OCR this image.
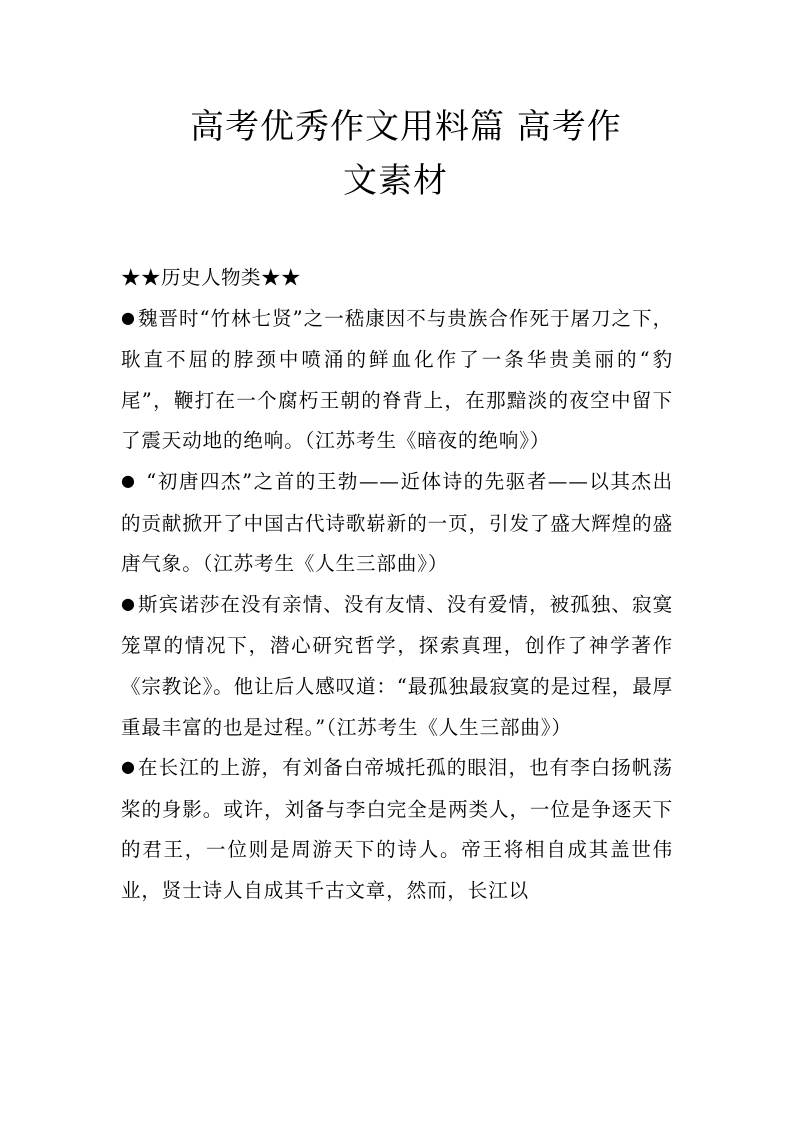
高考优秀作文用料篇 高考作
文素材

★★历史人物类★★

● 魏晋时“竹林七贤”之一嵇康因不与贵族合作死于屠刀之下，耿直不屈的脖颈中喷涌的鲜血化作了一条华贵美丽的“豹尾”，鞭打在一个腐朽王朝的脊背上，在那黯淡的夜空中留下了震天动地的绝响。（江苏考生《暗夜的绝响》）

● “初唐四杰”之首的王勃——近体诗的先驱者——以其杰出的贡献掀开了中国古代诗歌崭新的一页，引发了盛大辉煌的盛唐气象。（江苏考生《人生三部曲》）

● 斯宾诺莎在没有亲情、没有友情、没有爱情，被孤独、寂寞笼罩的情况下，潜心研究哲学，探索真理，创作了神学著作《宗教论》。他让后人感叹道：“最孤独最寂寞的是过程，最厚重最丰富的也是过程。”（江苏考生《人生三部曲》）

● 在长江的上游，有刘备白帝城托孤的眼泪，也有李白扬帆荡桨的身影。或许，刘备与李白完全是两类人，一位是争逐天下的君王，一位则是周游天下的诗人。帝王将相自成其盖世伟业，贤士诗人自成其千古文章，然而，长江以
